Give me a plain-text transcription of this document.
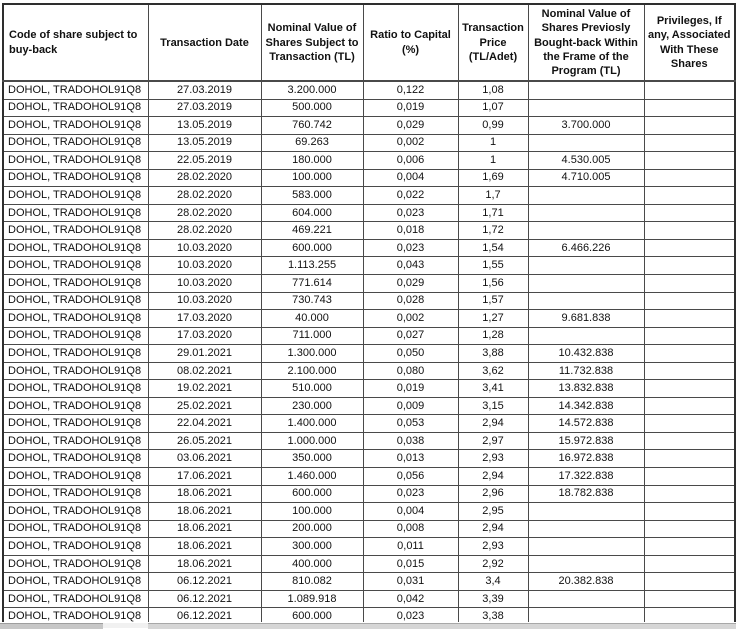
Code of share subject to buy-back	Transaction Date	Nominal Value of Shares Subject to Transaction (TL)	Ratio to Capital (%)	Transaction Price (TL/Adet)	Nominal Value of Shares Previosly Bought-back Within the Frame of the Program (TL)	Privileges, If any, Associated With These Shares
DOHOL, TRADOHOL91Q8	27.03.2019	3.200.000	0,122	1,08		
DOHOL, TRADOHOL91Q8	27.03.2019	500.000	0,019	1,07		
DOHOL, TRADOHOL91Q8	13.05.2019	760.742	0,029	0,99	3.700.000	
DOHOL, TRADOHOL91Q8	13.05.2019	69.263	0,002	1		
DOHOL, TRADOHOL91Q8	22.05.2019	180.000	0,006	1	4.530.005	
DOHOL, TRADOHOL91Q8	28.02.2020	100.000	0,004	1,69	4.710.005	
DOHOL, TRADOHOL91Q8	28.02.2020	583.000	0,022	1,7		
DOHOL, TRADOHOL91Q8	28.02.2020	604.000	0,023	1,71		
DOHOL, TRADOHOL91Q8	28.02.2020	469.221	0,018	1,72		
DOHOL, TRADOHOL91Q8	10.03.2020	600.000	0,023	1,54	6.466.226	
DOHOL, TRADOHOL91Q8	10.03.2020	1.113.255	0,043	1,55		
DOHOL, TRADOHOL91Q8	10.03.2020	771.614	0,029	1,56		
DOHOL, TRADOHOL91Q8	10.03.2020	730.743	0,028	1,57		
DOHOL, TRADOHOL91Q8	17.03.2020	40.000	0,002	1,27	9.681.838	
DOHOL, TRADOHOL91Q8	17.03.2020	711.000	0,027	1,28		
DOHOL, TRADOHOL91Q8	29.01.2021	1.300.000	0,050	3,88	10.432.838	
DOHOL, TRADOHOL91Q8	08.02.2021	2.100.000	0,080	3,62	11.732.838	
DOHOL, TRADOHOL91Q8	19.02.2021	510.000	0,019	3,41	13.832.838	
DOHOL, TRADOHOL91Q8	25.02.2021	230.000	0,009	3,15	14.342.838	
DOHOL, TRADOHOL91Q8	22.04.2021	1.400.000	0,053	2,94	14.572.838	
DOHOL, TRADOHOL91Q8	26.05.2021	1.000.000	0,038	2,97	15.972.838	
DOHOL, TRADOHOL91Q8	03.06.2021	350.000	0,013	2,93	16.972.838	
DOHOL, TRADOHOL91Q8	17.06.2021	1.460.000	0,056	2,94	17.322.838	
DOHOL, TRADOHOL91Q8	18.06.2021	600.000	0,023	2,96	18.782.838	
DOHOL, TRADOHOL91Q8	18.06.2021	100.000	0,004	2,95		
DOHOL, TRADOHOL91Q8	18.06.2021	200.000	0,008	2,94		
DOHOL, TRADOHOL91Q8	18.06.2021	300.000	0,011	2,93		
DOHOL, TRADOHOL91Q8	18.06.2021	400.000	0,015	2,92		
DOHOL, TRADOHOL91Q8	06.12.2021	810.082	0,031	3,4	20.382.838	
DOHOL, TRADOHOL91Q8	06.12.2021	1.089.918	0,042	3,39		
DOHOL, TRADOHOL91Q8	06.12.2021	600.000	0,023	3,38		
